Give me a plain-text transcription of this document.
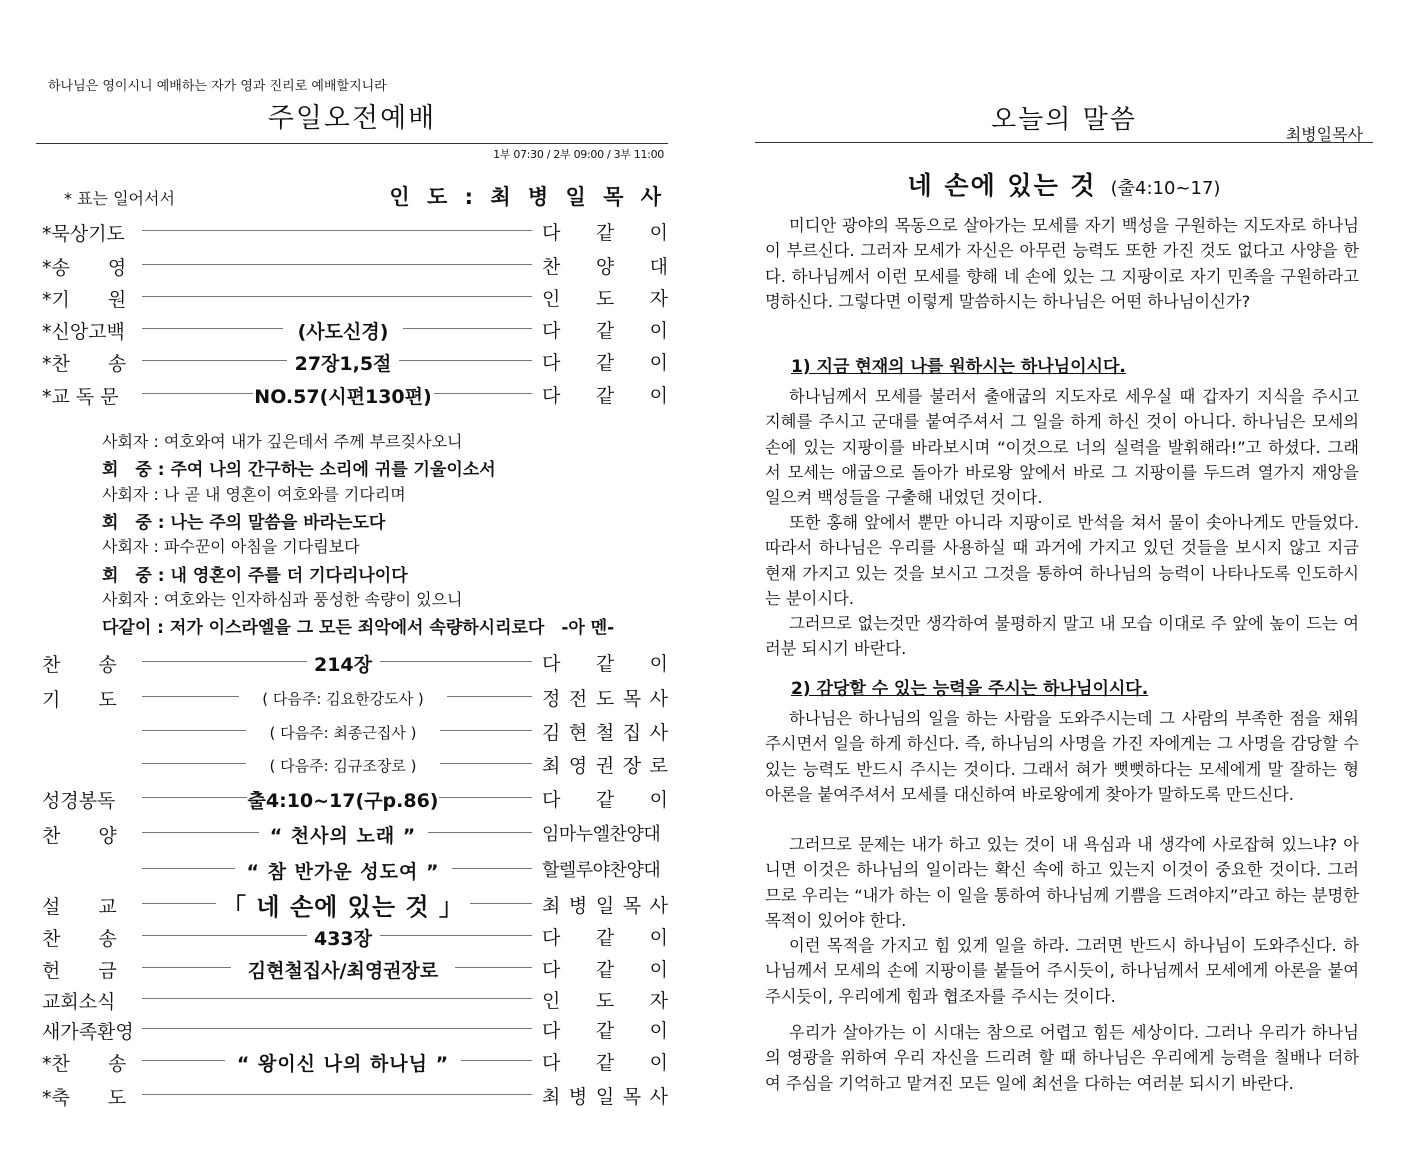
하나님은 영이시니 예배하는 자가 영과 진리로 예배할지니라
주일오전예배
1부 07:30 / 2부 09:00 / 3부 11:00
* 표는 일어서서	인 도 : 최 병 일 목 사
*묵상기도	다 같 이
*송　　영	찬 양 대
*기　　원	인 도 자
*신앙고백	(사도신경)	다 같 이
*찬　　송	27장1,5절	다 같 이
*교 독 문	NO.57(시편130편)	다 같 이
사회자 : 여호와여 내가 깊은데서 주께 부르짖사오니
회　중 : 주여 나의 간구하는 소리에 귀를 기울이소서
사회자 : 나 곧 내 영혼이 여호와를 기다리며
회　중 : 나는 주의 말씀을 바라는도다
사회자 : 파수꾼이 아침을 기다림보다
회　중 : 내 영혼이 주를 더 기다리나이다
사회자 : 여호와는 인자하심과 풍성한 속량이 있으니
다같이 : 저가 이스라엘을 그 모든 죄악에서 속량하시리로다　-아 멘-
찬　　송	214장	다 같 이
기　　도	( 다음주: 김요한강도사 )	정 전 도 목 사
( 다음주: 최종근집사 )	김 현 철 집 사
( 다음주: 김규조장로 )	최 영 권 장 로
성경봉독	출4:10~17(구p.86)	다 같 이
찬　　양	“ 천사의 노래 ”	임마누엘찬양대
“ 참 반가운 성도여 ”	할렐루야찬양대
설　　교	「 네 손에 있는 것 」	최 병 일 목 사
찬　　송	433장	다 같 이
헌　　금	김현철집사/최영권장로	다 같 이
교회소식	인 도 자
새가족환영	다 같 이
*찬　　송	“ 왕이신 나의 하나님 ”	다 같 이
*축　　도	최 병 일 목 사
오늘의 말씀	최병일목사
네 손에 있는 것 (출4:10~17)
미디안 광야의 목동으로 살아가는 모세를 자기 백성을 구원하는 지도자로 하나님이 부르신다. 그러자 모세가 자신은 아무런 능력도 또한 가진 것도 없다고 사양을 한다. 하나님께서 이런 모세를 향해 네 손에 있는 그 지팡이로 자기 민족을 구원하라고 명하신다. 그렇다면 이렇게 말씀하시는 하나님은 어떤 하나님이신가?
1) 지금 현재의 나를 원하시는 하나님이시다.
하나님께서 모세를 불러서 출애굽의 지도자로 세우실 때 갑자기 지식을 주시고 지혜를 주시고 군대를 붙여주셔서 그 일을 하게 하신 것이 아니다. 하나님은 모세의 손에 있는 지팡이를 바라보시며 “이것으로 너의 실력을 발휘해라!”고 하셨다. 그래서 모세는 애굽으로 돌아가 바로왕 앞에서 바로 그 지팡이를 두드려 열가지 재앙을 일으켜 백성들을 구출해 내었던 것이다.
또한 홍해 앞에서 뿐만 아니라 지팡이로 반석을 쳐서 물이 솟아나게도 만들었다. 따라서 하나님은 우리를 사용하실 때 과거에 가지고 있던 것들을 보시지 않고 지금 현재 가지고 있는 것을 보시고 그것을 통하여 하나님의 능력이 나타나도록 인도하시는 분이시다.
그러므로 없는것만 생각하여 불평하지 말고 내 모습 이대로 주 앞에 높이 드는 여러분 되시기 바란다.
2) 감당할 수 있는 능력을 주시는 하나님이시다.
하나님은 하나님의 일을 하는 사람을 도와주시는데 그 사람의 부족한 점을 채워주시면서 일을 하게 하신다. 즉, 하나님의 사명을 가진 자에게는 그 사명을 감당할 수 있는 능력도 반드시 주시는 것이다. 그래서 혀가 뻣뻣하다는 모세에게 말 잘하는 형 아론을 붙여주셔서 모세를 대신하여 바로왕에게 찾아가 말하도록 만드신다.
그러므로 문제는 내가 하고 있는 것이 내 욕심과 내 생각에 사로잡혀 있느냐? 아니면 이것은 하나님의 일이라는 확신 속에 하고 있는지 이것이 중요한 것이다. 그러므로 우리는 “내가 하는 이 일을 통하여 하나님께 기쁨을 드려야지”라고 하는 분명한 목적이 있어야 한다.
이런 목적을 가지고 힘 있게 일을 하라. 그러면 반드시 하나님이 도와주신다. 하나님께서 모세의 손에 지팡이를 붙들어 주시듯이, 하나님께서 모세에게 아론을 붙여주시듯이, 우리에게 힘과 협조자를 주시는 것이다.
우리가 살아가는 이 시대는 참으로 어렵고 힘든 세상이다. 그러나 우리가 하나님의 영광을 위하여 우리 자신을 드리려 할 때 하나님은 우리에게 능력을 칠배나 더하여 주심을 기억하고 맡겨진 모든 일에 최선을 다하는 여러분 되시기 바란다.
